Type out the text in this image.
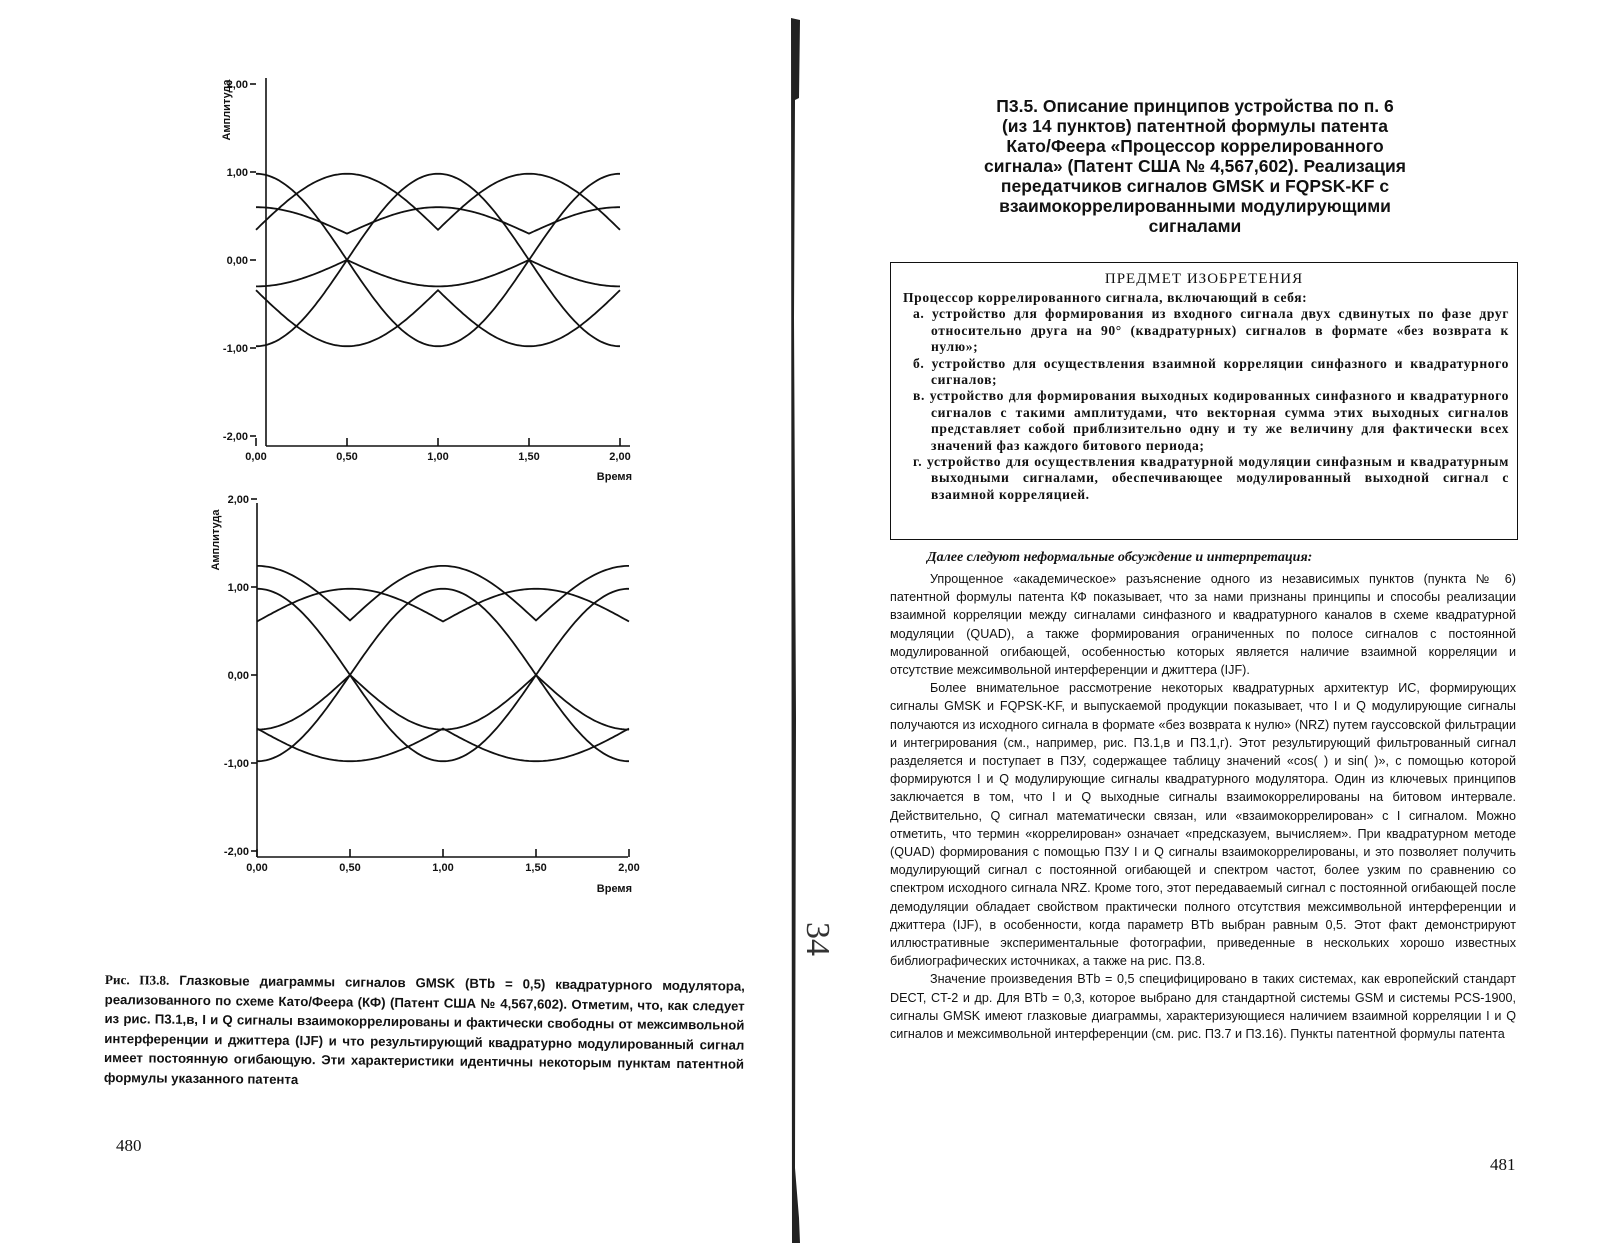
Амплитуда
2,00
1,00
0,00
-1,00
-2,00
0,00	0,50	1,00	1,50	2,00
Время
Амплитуда
2,00
1,00
0,00
-1,00
-2,00
0,00	0,50	1,00	1,50	2,00
Время
Рис. П3.8. Глазковые диаграммы сигналов GMSK (BTb = 0,5) квадратурного модулятора, реализованного по схеме Като/Феера (КФ) (Патент США № 4,567,602). Отметим, что, как следует из рис. П3.1,в, I и Q сигналы взаимокоррелированы и фактически свободны от межсимвольной интерференции и джиттера (IJF) и что результирующий квадратурно модулированный сигнал имеет постоянную огибающую. Эти характеристики идентичны некоторым пунктам патентной формулы указанного патента
480
П3.5. Описание принципов устройства по п. 6
(из 14 пунктов) патентной формулы патента
Като/Феера «Процессор коррелированного
сигнала» (Патент США № 4,567,602). Реализация
передатчиков сигналов GMSK и FQPSK-KF с
взаимокоррелированными модулирующими
сигналами
ПРЕДМЕТ ИЗОБРЕТЕНИЯ
Процессор коррелированного сигнала, включающий в себя:
а. устройство для формирования из входного сигнала двух сдвинутых по фазе друг относительно друга на 90° (квадратурных) сигналов в формате «без возврата к нулю»;
б. устройство для осуществления взаимной корреляции синфазного и квадратурного сигналов;
в. устройство для формирования выходных кодированных синфазного и квадратурного сигналов с такими амплитудами, что векторная сумма этих выходных сигналов представляет собой приблизительно одну и ту же величину для фактически всех значений фаз каждого битового периода;
г. устройство для осуществления квадратурной модуляции синфазным и квадратурным выходными сигналами, обеспечивающее модулированный выходной сигнал с взаимной корреляцией.
Далее следуют неформальные обсуждение и интерпретация:

Упрощенное «академическое» разъяснение одного из независимых пунктов (пункта № 6) патентной формулы патента КФ показывает, что за нами признаны принципы и способы реализации взаимной корреляции между сигналами синфазного и квадратурного каналов в схеме квадратурной модуляции (QUAD), а также формирования ограниченных по полосе сигналов с постоянной модулированной огибающей, особенностью которых является наличие взаимной корреляции и отсутствие межсимвольной интерференции и джиттера (IJF).

Более внимательное рассмотрение некоторых квадратурных архитектур ИС, формирующих сигналы GMSK и FQPSK-KF, и выпускаемой продукции показывает, что I и Q модулирующие сигналы получаются из исходного сигнала в формате «без возврата к нулю» (NRZ) путем гауссовской фильтрации и интегрирования (см., например, рис. П3.1,в и П3.1,г). Этот результирующий фильтрованный сигнал разделяется и поступает в ПЗУ, содержащее таблицу значений «cos( ) и sin( )», с помощью которой формируются I и Q модулирующие сигналы квадратурного модулятора. Один из ключевых принципов заключается в том, что I и Q выходные сигналы взаимокоррелированы на битовом интервале. Действительно, Q сигнал математически связан, или «взаимокоррелирован» с I сигналом. Можно отметить, что термин «коррелирован» означает «предсказуем, вычисляем». При квадратурном методе (QUAD) формирования с помощью ПЗУ I и Q сигналы взаимокоррелированы, и это позволяет получить модулирующий сигнал с постоянной огибающей и спектром частот, более узким по сравнению со спектром исходного сигнала NRZ. Кроме того, этот передаваемый сигнал с постоянной огибающей после демодуляции обладает свойством практически полного отсутствия межсимвольной интерференции и джиттера (IJF), в особенности, когда параметр BTb выбран равным 0,5. Этот факт демонстрируют иллюстративные экспериментальные фотографии, приведенные в нескольких хорошо известных библиографических источниках, а также на рис. П3.8.

Значение произведения BTb = 0,5 специфицировано в таких системах, как европейский стандарт DECT, CT-2 и др. Для BTb = 0,3, которое выбрано для стандартной системы GSM и системы PCS-1900, сигналы GMSK имеют глазковые диаграммы, характеризующиеся наличием взаимной корреляции I и Q сигналов и межсимвольной интерференции (см. рис. П3.7 и П3.16). Пункты патентной формулы патента

34
481
